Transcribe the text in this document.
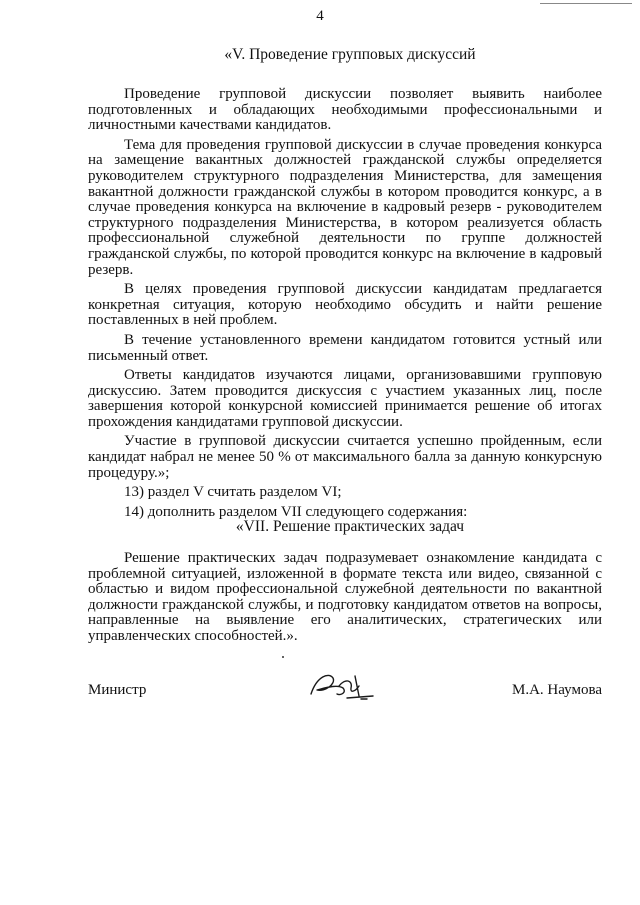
4
«V. Проведение групповых дискуссий

Проведение групповой дискуссии позволяет выявить наиболее подготовленных и обладающих необходимыми профессиональными и личностными качествами кандидатов.

Тема для проведения групповой дискуссии в случае проведения конкурса на замещение вакантных должностей гражданской службы определяется руководителем структурного подразделения Министерства, для замещения вакантной должности гражданской службы в котором проводится конкурс, а в случае проведения конкурса на включение в кадровый резерв - руководителем структурного подразделения Министерства, в котором реализуется область профессиональной служебной деятельности по группе должностей гражданской службы, по которой проводится конкурс на включение в кадровый резерв.

В целях проведения групповой дискуссии кандидатам предлагается конкретная ситуация, которую необходимо обсудить и найти решение поставленных в ней проблем.

В течение установленного времени кандидатом готовится устный или письменный ответ.

Ответы кандидатов изучаются лицами, организовавшими групповую дискуссию. Затем проводится дискуссия с участием указанных лиц, после завершения которой конкурсной комиссией принимается решение об итогах прохождения кандидатами групповой дискуссии.

Участие в групповой дискуссии считается успешно пройденным, если кандидат набрал не менее 50 % от максимального балла за данную конкурсную процедуру.»;

13) раздел V считать разделом VI;

14) дополнить разделом VII следующего содержания:

«VII. Решение практических задач

Решение практических задач подразумевает ознакомление кандидата с проблемной ситуацией, изложенной в формате текста или видео, связанной с областью и видом профессиональной служебной деятельности по вакантной должности гражданской службы, и подготовку кандидатом ответов на вопросы, направленные на выявление его аналитических, стратегических или управленческих способностей.».

Министр	М.А. Наумова
